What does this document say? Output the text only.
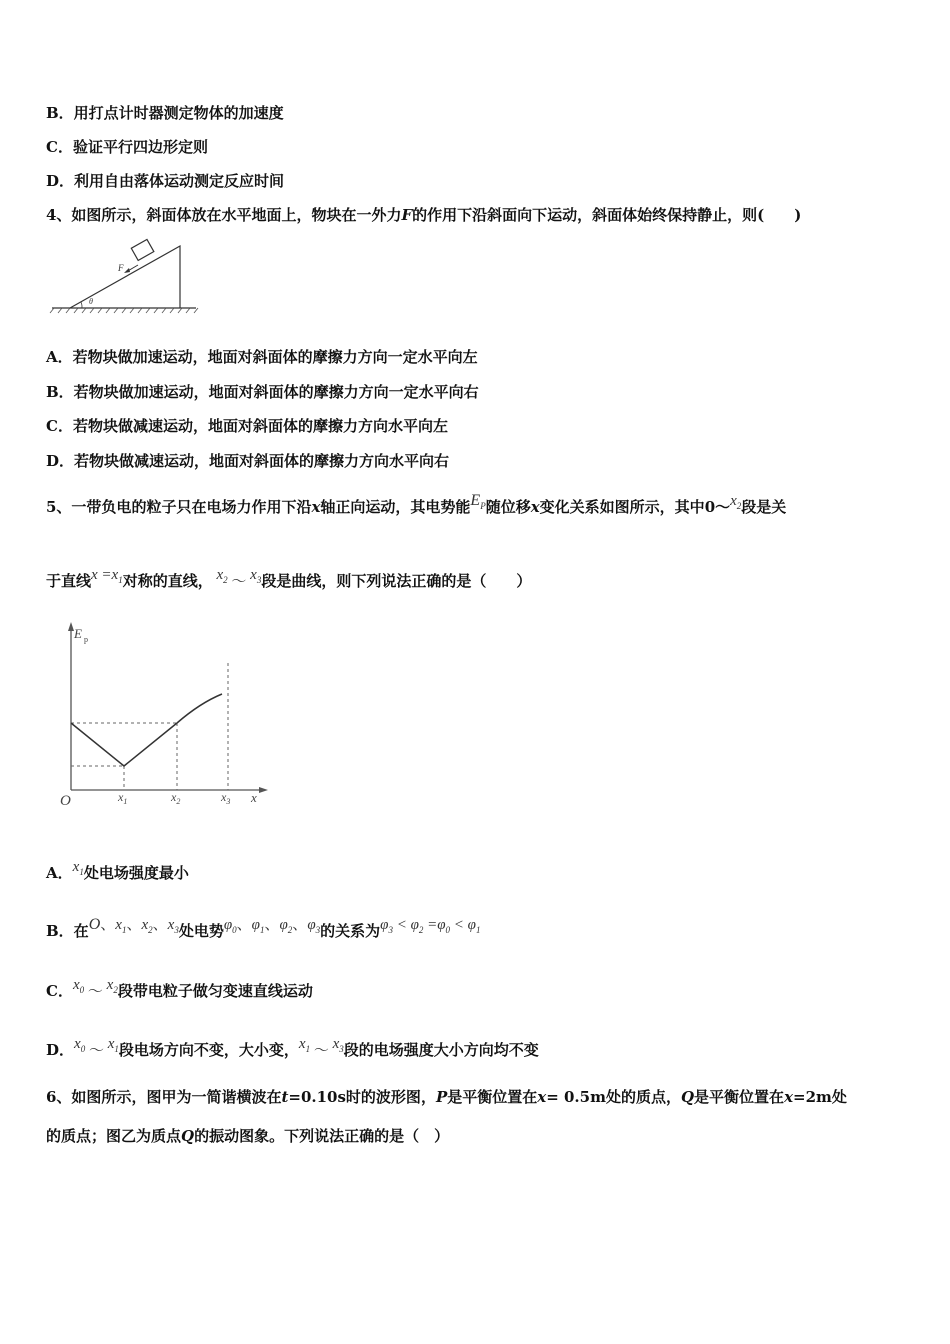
B．用打点计时器测定物体的加速度
C．验证平行四边形定则
D．利用自由落体运动测定反应时间
4、如图所示，斜面体放在水平地面上，物块在一外力F的作用下沿斜面向下运动，斜面体始终保持静止，则(　　)
F
θ
A．若物块做加速运动，地面对斜面体的摩擦力方向一定水平向左
B．若物块做加速运动，地面对斜面体的摩擦力方向一定水平向右
C．若物块做减速运动，地面对斜面体的摩擦力方向水平向左
D．若物块做减速运动，地面对斜面体的摩擦力方向水平向右
5、一带负电的粒子只在电场力作用下沿x轴正向运动，其电势能$E_P$随位移x变化关系如图所示，其中$0\sim x_2$段是关
于直线$x =x_1$对称的直线， $x_2$ ～ $x_3$段是曲线，则下列说法正确的是（　　）
E p
O	x
$x_1$	$x_2$	$x_3$
A．$x_1$处电场强度最小
B．在O、$x_1$、$x_2$、$x_3$处电势$\varphi_0$、$\varphi_1$、$\varphi_2$、$\varphi_3$的关系为$\varphi_3 < \varphi_2 =\varphi_0 < \varphi_1$
C．$x_0$ ～ $x_2$段带电粒子做匀变速直线运动
D．$x_0$ ～ $x_1$段电场方向不变，大小变，$x_1$ ～ $x_3$段的电场强度大小方向均不变
6、如图所示，图甲为一简谐横波在t=0.10s时的波形图，P是平衡位置在x= 0.5m处的质点，Q是平衡位置在x=2m处
的质点；图乙为质点Q的振动图象。下列说法正确的是（　）
